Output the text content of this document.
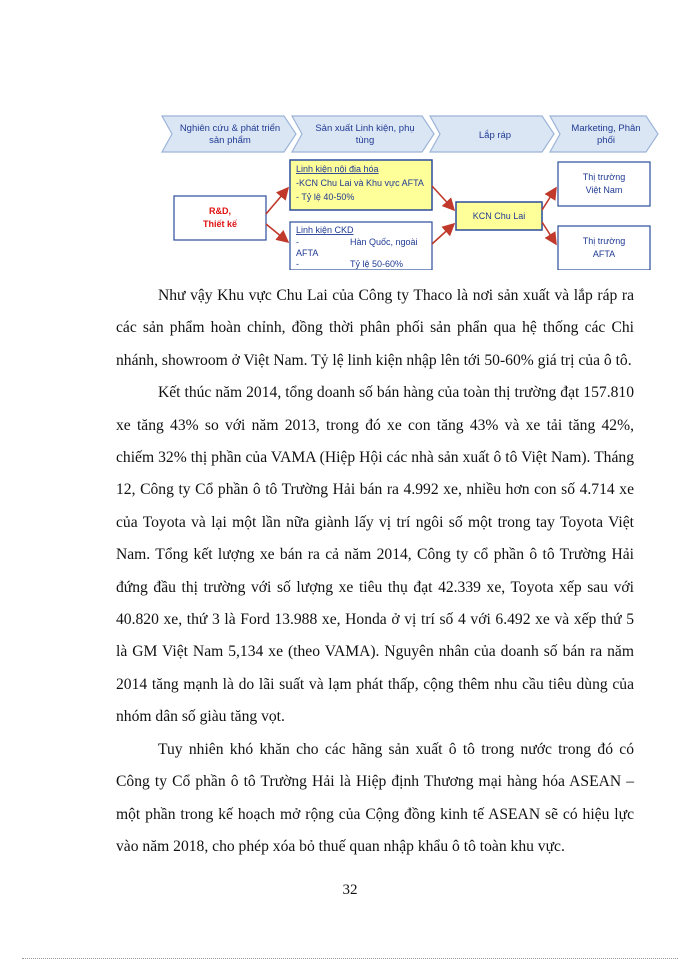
Nghiên cứu & phát triển
sản phẩm
Sản xuất Linh kiện, phụ
tùng	Lắp ráp
Marketing, Phân
phối
R&D,
Thiết kế
Linh kiện nội địa hóa
-KCN Chu Lai và Khu vực AFTA
- Tỷ lệ 40-50%
Linh kiện CKD
-	Hàn Quốc, ngoài
AFTA
-	Tỷ lệ 50-60%
KCN Chu Lai
Thị trường
Việt Nam
Thị trường
AFTA

Như vậy Khu vực Chu Lai của Công ty Thaco là nơi sản xuất và lắp ráp ra các sản phẩm hoàn chỉnh, đồng thời phân phối sản phẩn qua hệ thống các Chi nhánh, showroom ở Việt Nam. Tỷ lệ linh kiện nhập lên tới 50-60% giá trị của ô tô.

Kết thúc năm 2014, tổng doanh số bán hàng của toàn thị trường đạt 157.810 xe tăng 43% so với năm 2013, trong đó xe con tăng 43% và xe tải tăng 42%, chiếm 32% thị phần của VAMA (Hiệp Hội các nhà sản xuất ô tô Việt Nam). Tháng 12, Công ty Cổ phần ô tô Trường Hải bán ra 4.992 xe, nhiều hơn con số 4.714 xe của Toyota và lại một lần nữa giành lấy vị trí ngôi số một trong tay Toyota Việt Nam. Tổng kết lượng xe bán ra cả năm 2014, Công ty cổ phần ô tô Trường Hải đứng đầu thị trường với số lượng xe tiêu thụ đạt 42.339 xe, Toyota xếp sau với 40.820 xe, thứ 3 là Ford 13.988 xe, Honda ở vị trí số 4 với 6.492 xe và xếp thứ 5 là GM Việt Nam 5,134 xe (theo VAMA). Nguyên nhân của doanh số bán ra năm 2014 tăng mạnh là do lãi suất và lạm phát thấp, cộng thêm nhu cầu tiêu dùng của nhóm dân số giàu tăng vọt.

Tuy nhiên khó khăn cho các hãng sản xuất ô tô trong nước trong đó có Công ty Cổ phần ô tô Trường Hải là Hiệp định Thương mại hàng hóa ASEAN – một phần trong kế hoạch mở rộng của Cộng đồng kinh tế ASEAN sẽ có hiệu lực vào năm 2018, cho phép xóa bỏ thuế quan nhập khẩu ô tô toàn khu vực.

32
